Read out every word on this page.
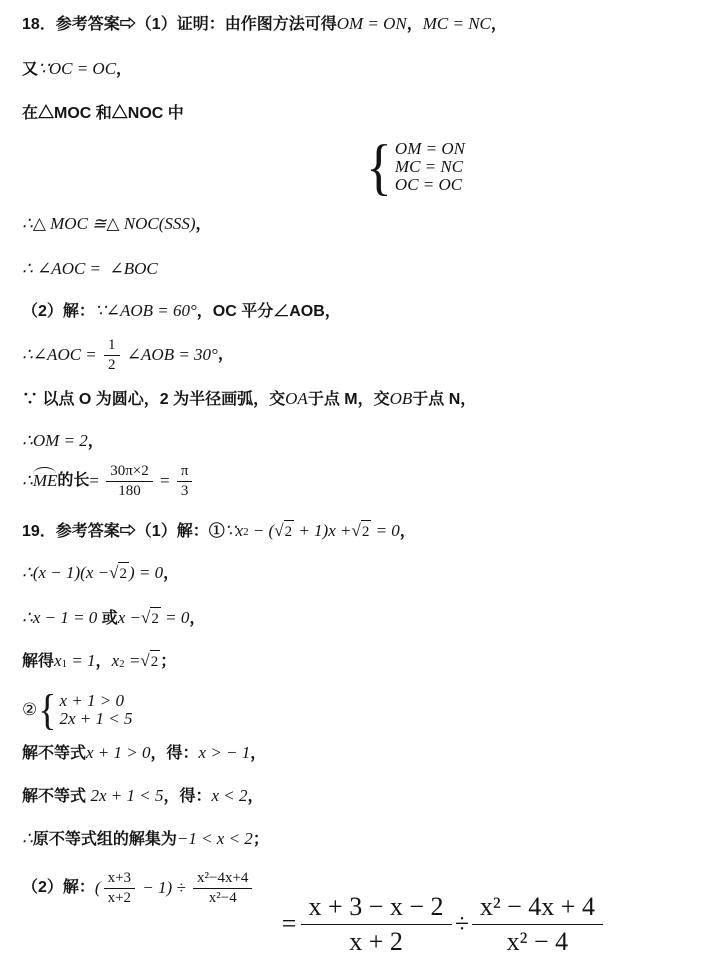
18．参考答案⇨（1）证明：由作图方法可得OM = ON，MC = NC，
又∵OC = OC，
在△MOC 和△NOC 中
{ OM = ON
MC = NC
OC = OC
∴△ MOC ≅△ NOC(SSS)，
∴ ∠AOC =  ∠BOC
（2）解：∵∠AOB = 60°，OC 平分∠AOB，
∴∠AOC = $\frac{1}{2}$ ∠AOB = 30° ，
∵ 以点 O 为圆心，2 为半径画弧，交OA于点 M，交OB于点 N，
∴OM = 2，
∴ ME 的长 = $\frac{30\pi\times 2}{180} = \frac{\pi}{3}$
19．参考答案⇨（1）解：$①\because x^2$ − ( √ 2 + 1)x + √ 2 = 0，
∴(x − 1)(x − √ 2 ) = 0，
∴x − 1 = 0 或x − √ 2 = 0，
解得$x_1 = 1$，$x_2$ = √ 2 ；
② { x + 1 > 0
2x + 1 < 5
解不等式x + 1 > 0，得：x > − 1，
解不等式 2x + 1 < 5，得：x < 2，
∴原不等式组的解集为−1 < x < 2；
（2）解： ( $\frac{x+3}{x+2} - 1) \div \frac{\text{x²−4x+4}}{\text{x²−4}}$
= $\frac{x + 3 - x - 2}{x + 2} \div \frac{\text{x² − 4x + 4}}{\text{x² − 4}}$
